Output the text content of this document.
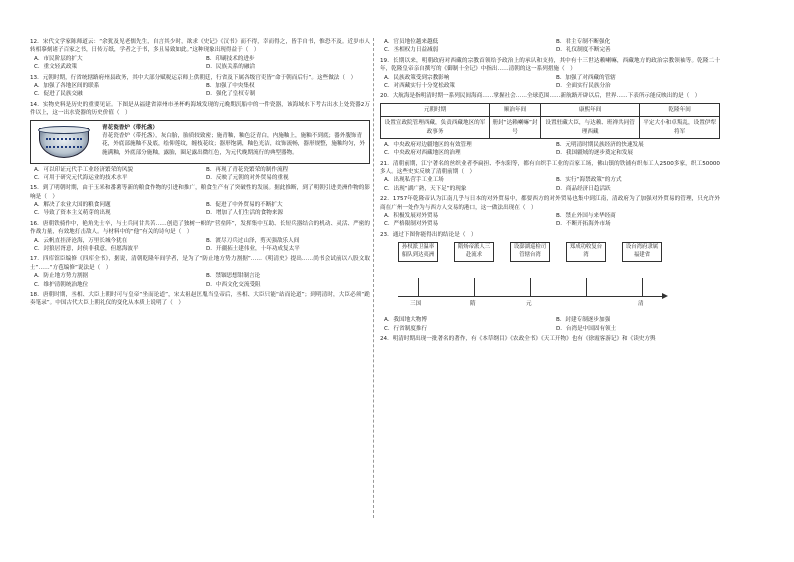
12．宋代文学家陈师道云：“余犹及见老儒先生，自言其少时，欲求《史记》《汉书》而不得，幸而得之，皆手自书，惟恐不及。近岁市人转相摹刻诸子百家之书，日传万纸，学者之于书，多且易致如此。”这种现象出现得益于（　）
A．市民阶层的扩大	B．印刷技术的进步
C．重文轻武政策	D．民族关系的融洽
13．元朝时期，行省统辖路府州县政务，其中大部分赋税运京师上供朝廷，行省及下属各级官吏皆“命于朝而后行”。这些做法（　）
A．加强了各地区间的联系	B．加强了中央集权
C．促进了民族交融	D．强化了皇权专制
14．实物史料是历史的重要见证。下图是从福建省漳州市圣杯屿海域发现的元晚期沉船中的一件瓷器，该海域水下考古出水上处瓷器2万件以上，这一出水瓷器的历史价值（　）
青花瓷香炉（带托盏）
青花瓷香炉（带托盏），灰白胎，胎质较致密；施青釉，釉色泛青白，内施釉上，施釉不到底；器外腹饰青花，外底部施釉不及底，绘仰莲纹，缠枝花纹；器形饱满，釉色光洁，纹饰流畅，器形规整，施釉均匀，外施满釉，外底部分施釉，露胎，圈足露出微红色，为元代晚期流行的典型器物。
A．可以印证元代手工业经济繁荣的风貌	B．再现了青花瓷繁荣的制作流程
C．可用于研究元代海运业的技术水平	D．反映了元朝的对外贸易的重视
15．到了明朝时期，由于玉米和番薯等新的粮食作物的引进和推广，粮食生产有了突破性的发展。据此推断，到了明朝引进美洲作物的影响是（　）
A．解决了农业大国的粮食问题	B．促进了中外贸易的不断扩大
C．导致了资本主义萌芽的出现	D．增加了人们生活的食物来源
16．唐朝铁骑作中，艳角先士卒，与士兵同甘共苦……创造了独树一帜的“营垒阵”，发挥集中互助、长短兵器结合的机动、灵活、严密的作战力量，有效地打击敌人。与材料中的“他”有关的诗句是（　）
A．云帆直挂济沧海，万里长城今犹在	B．渡尽刀兵过山泽，剪灭强敌乐人间
C．封狼居胥意，封侯非我意，但愿海波平	D．开疆拓土建伟业，十年功成复太平
17．四库馆臣编修《四库全书》，据说，清朝乾隆年间学者，是为了“防止地方势力割据”……《明清史》提出……尚书会试前以八股文取士”……“方苞编修”说法是（　）
A．防止地方势力割据	B．禁锢思想钳制言论
C．维护清朝统治地位	D．中西文化交流受阻
18．唐朝时期，丞相、大臣上朝时可与皇帝“坐而论道”，宋太祖赵匡胤当皇帝后，丞相、大臣只能“站而论道”；到明清时，大臣必须“跪奏笔录”。中国古代大臣上朝礼仪的变化从本质上说明了（　）
A．官员地位越来越低	B．君主专制不断强化
C．丞相权力日益减弱	D．礼仪制度不断完善
19．长期以来，明朝政府对西藏的宗教首领给予政治上的承认和支持，其中有十三世达赖喇嘛，西藏地方的政治宗教领袖等。乾隆二十年，乾隆皇帝亲自撰写的《御制十全记》中指出……清朝的这一系列措施（　）
A．民族政策受到宗教影响	B．加强了对西藏的管辖
C．对西藏实行十分宽松政策	D．全面实行民族分治
20．大航海是指明清时期一系列民间海商……掌握社会……全球范围……新航路开辟以后，世界……下表所示能反映出的是（　）
元朝时期	顺治年间	康熙年间	乾隆年间
设置宣政院管理西藏，负责西藏地区的军政事务	册封“达赖喇嘛”封号	设置驻藏大臣，与达赖、班禅共同管理西藏	平定大小和卓叛乱，设置伊犁将军
A．中央政府对边疆地区的有效管理	B．元明清时期民族经济的快速发展
C．中央政府对西藏地区的治理	D．我国疆域的逐步奠定和发展
21．清朝前期，江宁著名的丝织业者李扁担、李东阳等，都有自织手工业的百家工场，佛山镇的铁铺有织布工人2500多家，织工50000多人。这些史实反映了清朝前期（　）
A．出现私营手工业工场	B．实行“海禁政策”的方式
C．出现“湖广熟，天下足”的现象	D．商品经济日趋活跃
22．1757年乾隆帝认为江南几乎与日本的对外贸易中，都要西方的对外贸易也集中到江南，清政府为了加强对外贸易的管理，只允许外商在广州一处作为与西方人交易的港口，这一做法出现在（　）
A．积极发展对外贸易	B．禁止外国与来华经商
C．严格限制对外贸易	D．不断开拓海外市场
23．通过下图你能得出的结论是（　）
孙权派卫温率船队到达夷洲
隋炀帝派人三赴流求
设澎湖巡检司管辖台湾
郑成功收复台湾
设台湾府隶属福建省
三国	隋	元	清
A．我国地大物博	B．封建专制逐步加强
C．行省制度推行	D．台湾是中国固有领土
24．明清时期出现一批著名的著作，有《本草纲目》《农政全书》《天工开物》也有《徐霞客游记》和《读史方舆
